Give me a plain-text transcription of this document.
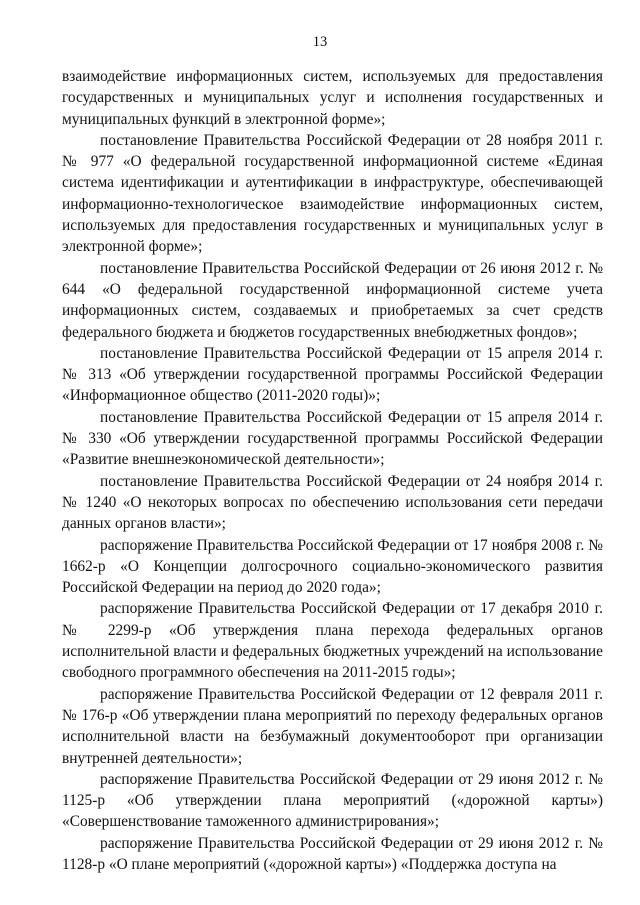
13

взаимодействие информационных систем, используемых для предоставления государственных и муниципальных услуг и исполнения государственных и муниципальных функций в электронной форме»;

постановление Правительства Российской Федерации от 28 ноября 2011 г. № 977 «О федеральной государственной информационной системе «Единая система идентификации и аутентификации в инфраструктуре, обеспечивающей информационно-технологическое взаимодействие информационных систем, используемых для предоставления государственных и муниципальных услуг в электронной форме»;

постановление Правительства Российской Федерации от 26 июня 2012 г. № 644 «О федеральной государственной информационной системе учета информационных систем, создаваемых и приобретаемых за счет средств федерального бюджета и бюджетов государственных внебюджетных фондов»;

постановление Правительства Российской Федерации от 15 апреля 2014 г. № 313 «Об утверждении государственной программы Российской Федерации «Информационное общество (2011-2020 годы)»;

постановление Правительства Российской Федерации от 15 апреля 2014 г. № 330 «Об утверждении государственной программы Российской Федерации «Развитие внешнеэкономической деятельности»;

постановление Правительства Российской Федерации от 24 ноября 2014 г. № 1240 «О некоторых вопросах по обеспечению использования сети передачи данных органов власти»;

распоряжение Правительства Российской Федерации от 17 ноября 2008 г. № 1662-р «О Концепции долгосрочного социально-экономического развития Российской Федерации на период до 2020 года»;

распоряжение Правительства Российской Федерации от 17 декабря 2010 г. № 2299-р «Об утверждения плана перехода федеральных органов исполнительной власти и федеральных бюджетных учреждений на использование свободного программного обеспечения на 2011-2015 годы»;

распоряжение Правительства Российской Федерации от 12 февраля 2011 г. № 176-р «Об утверждении плана мероприятий по переходу федеральных органов исполнительной власти на безбумажный документооборот при организации внутренней деятельности»;

распоряжение Правительства Российской Федерации от 29 июня 2012 г. № 1125-р «Об утверждении плана мероприятий («дорожной карты») «Совершенствование таможенного администрирования»;

распоряжение Правительства Российской Федерации от 29 июня 2012 г. № 1128-р «О плане мероприятий («дорожной карты») «Поддержка доступа на
